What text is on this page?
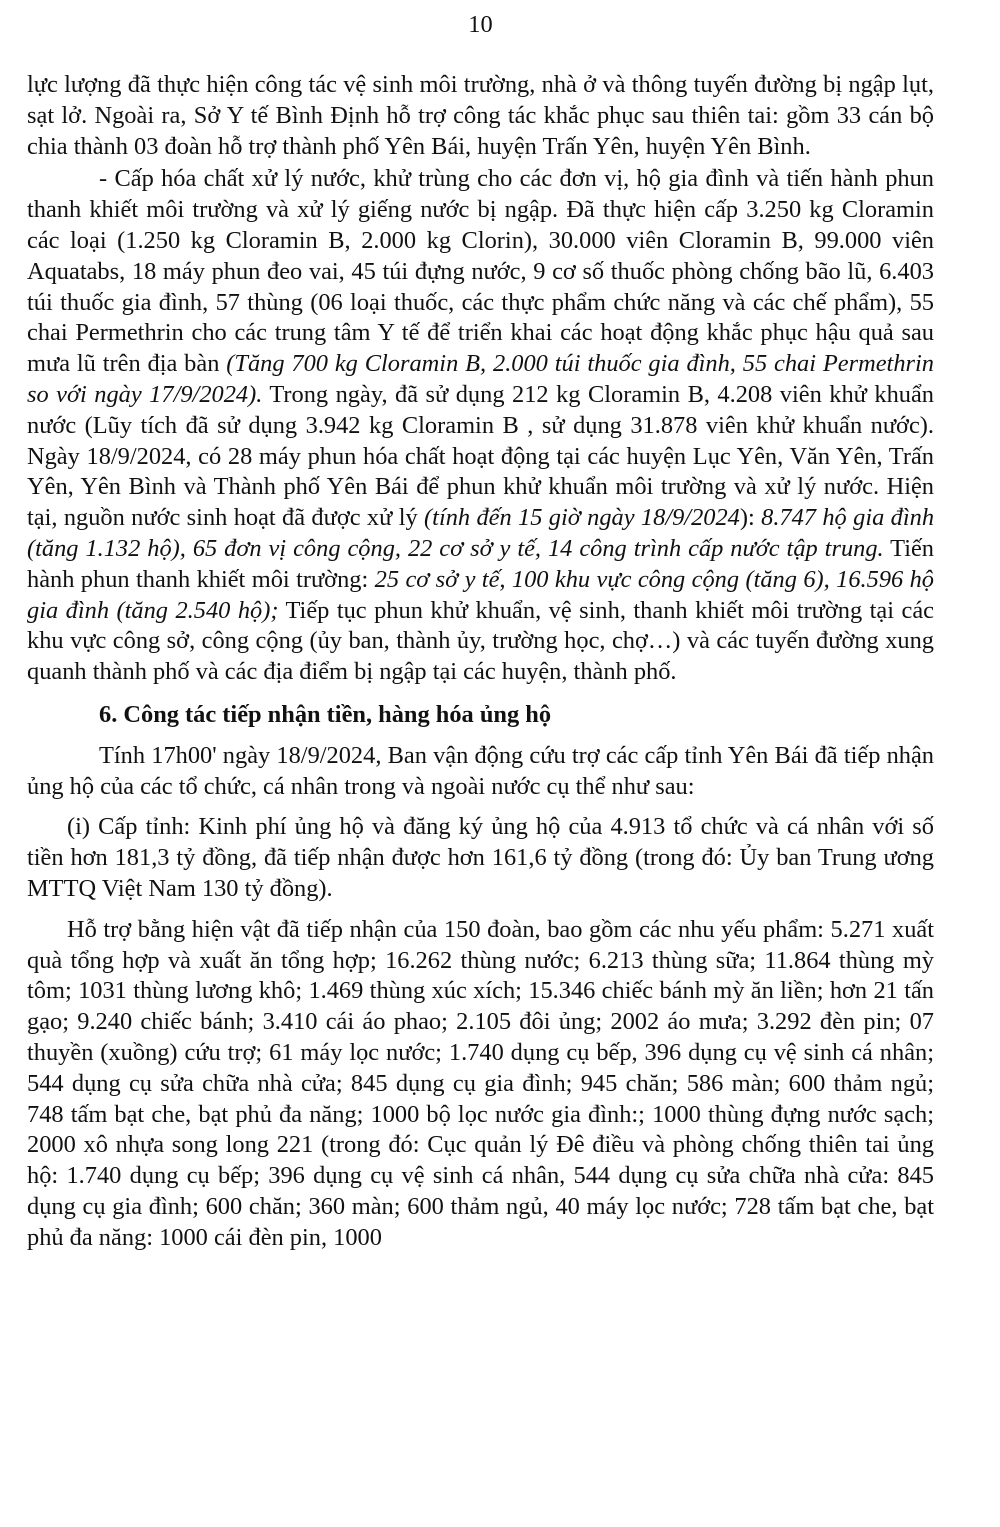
10

lực lượng đã thực hiện công tác vệ sinh môi trường, nhà ở và thông tuyến đường bị ngập lụt, sạt lở. Ngoài ra, Sở Y tế Bình Định hỗ trợ công tác khắc phục sau thiên tai: gồm 33 cán bộ chia thành 03 đoàn hỗ trợ thành phố Yên Bái, huyện Trấn Yên, huyện Yên Bình.

- Cấp hóa chất xử lý nước, khử trùng cho các đơn vị, hộ gia đình và tiến hành phun thanh khiết môi trường và xử lý giếng nước bị ngập. Đã thực hiện cấp 3.250 kg Cloramin các loại (1.250 kg Cloramin B, 2.000 kg Clorin), 30.000 viên Cloramin B, 99.000 viên Aquatabs, 18 máy phun đeo vai, 45 túi đựng nước, 9 cơ số thuốc phòng chống bão lũ, 6.403 túi thuốc gia đình, 57 thùng (06 loại thuốc, các thực phẩm chức năng và các chế phẩm), 55 chai Permethrin cho các trung tâm Y tế để triển khai các hoạt động khắc phục hậu quả sau mưa lũ trên địa bàn (Tăng 700 kg Cloramin B, 2.000 túi thuốc gia đình, 55 chai Permethrin so với ngày 17/9/2024). Trong ngày, đã sử dụng 212 kg Cloramin B, 4.208 viên khử khuẩn nước (Lũy tích đã sử dụng 3.942 kg Cloramin B , sử dụng 31.878 viên khử khuẩn nước). Ngày 18/9/2024, có 28 máy phun hóa chất hoạt động tại các huyện Lục Yên, Văn Yên, Trấn Yên, Yên Bình và Thành phố Yên Bái để phun khử khuẩn môi trường và xử lý nước. Hiện tại, nguồn nước sinh hoạt đã được xử lý (tính đến 15 giờ ngày 18/9/2024): 8.747 hộ gia đình (tăng 1.132 hộ), 65 đơn vị công cộng, 22 cơ sở y tế, 14 công trình cấp nước tập trung. Tiến hành phun thanh khiết môi trường: 25 cơ sở y tế, 100 khu vực công cộng (tăng 6), 16.596 hộ gia đình (tăng 2.540 hộ); Tiếp tục phun khử khuẩn, vệ sinh, thanh khiết môi trường tại các khu vực công sở, công cộng (ủy ban, thành ủy, trường học, chợ…) và các tuyến đường xung quanh thành phố và các địa điểm bị ngập tại các huyện, thành phố.

6. Công tác tiếp nhận tiền, hàng hóa ủng hộ

Tính 17h00' ngày 18/9/2024, Ban vận động cứu trợ các cấp tỉnh Yên Bái đã tiếp nhận ủng hộ của các tổ chức, cá nhân trong và ngoài nước cụ thể như sau:

(i) Cấp tỉnh: Kinh phí ủng hộ và đăng ký ủng hộ của 4.913 tổ chức và cá nhân với số tiền hơn 181,3 tỷ đồng, đã tiếp nhận được hơn 161,6 tỷ đồng (trong đó: Ủy ban Trung ương MTTQ Việt Nam 130 tỷ đồng).

Hỗ trợ bằng hiện vật đã tiếp nhận của 150 đoàn, bao gồm các nhu yếu phẩm: 5.271 xuất quà tổng hợp và xuất ăn tổng hợp; 16.262 thùng nước; 6.213 thùng sữa; 11.864 thùng mỳ tôm; 1031 thùng lương khô; 1.469 thùng xúc xích; 15.346 chiếc bánh mỳ ăn liền; hơn 21 tấn gạo; 9.240 chiếc bánh; 3.410 cái áo phao; 2.105 đôi ủng; 2002 áo mưa; 3.292 đèn pin; 07 thuyền (xuồng) cứu trợ; 61 máy lọc nước; 1.740 dụng cụ bếp, 396 dụng cụ vệ sinh cá nhân; 544 dụng cụ sửa chữa nhà cửa; 845 dụng cụ gia đình; 945 chăn; 586 màn; 600 thảm ngủ; 748 tấm bạt che, bạt phủ đa năng; 1000 bộ lọc nước gia đình:; 1000 thùng đựng nước sạch; 2000 xô nhựa song long 221 (trong đó: Cục quản lý Đê điều và phòng chống thiên tai ủng hộ: 1.740 dụng cụ bếp; 396 dụng cụ vệ sinh cá nhân, 544 dụng cụ sửa chữa nhà cửa: 845 dụng cụ gia đình; 600 chăn; 360 màn; 600 thảm ngủ, 40 máy lọc nước; 728 tấm bạt che, bạt phủ đa năng: 1000 cái đèn pin, 1000
